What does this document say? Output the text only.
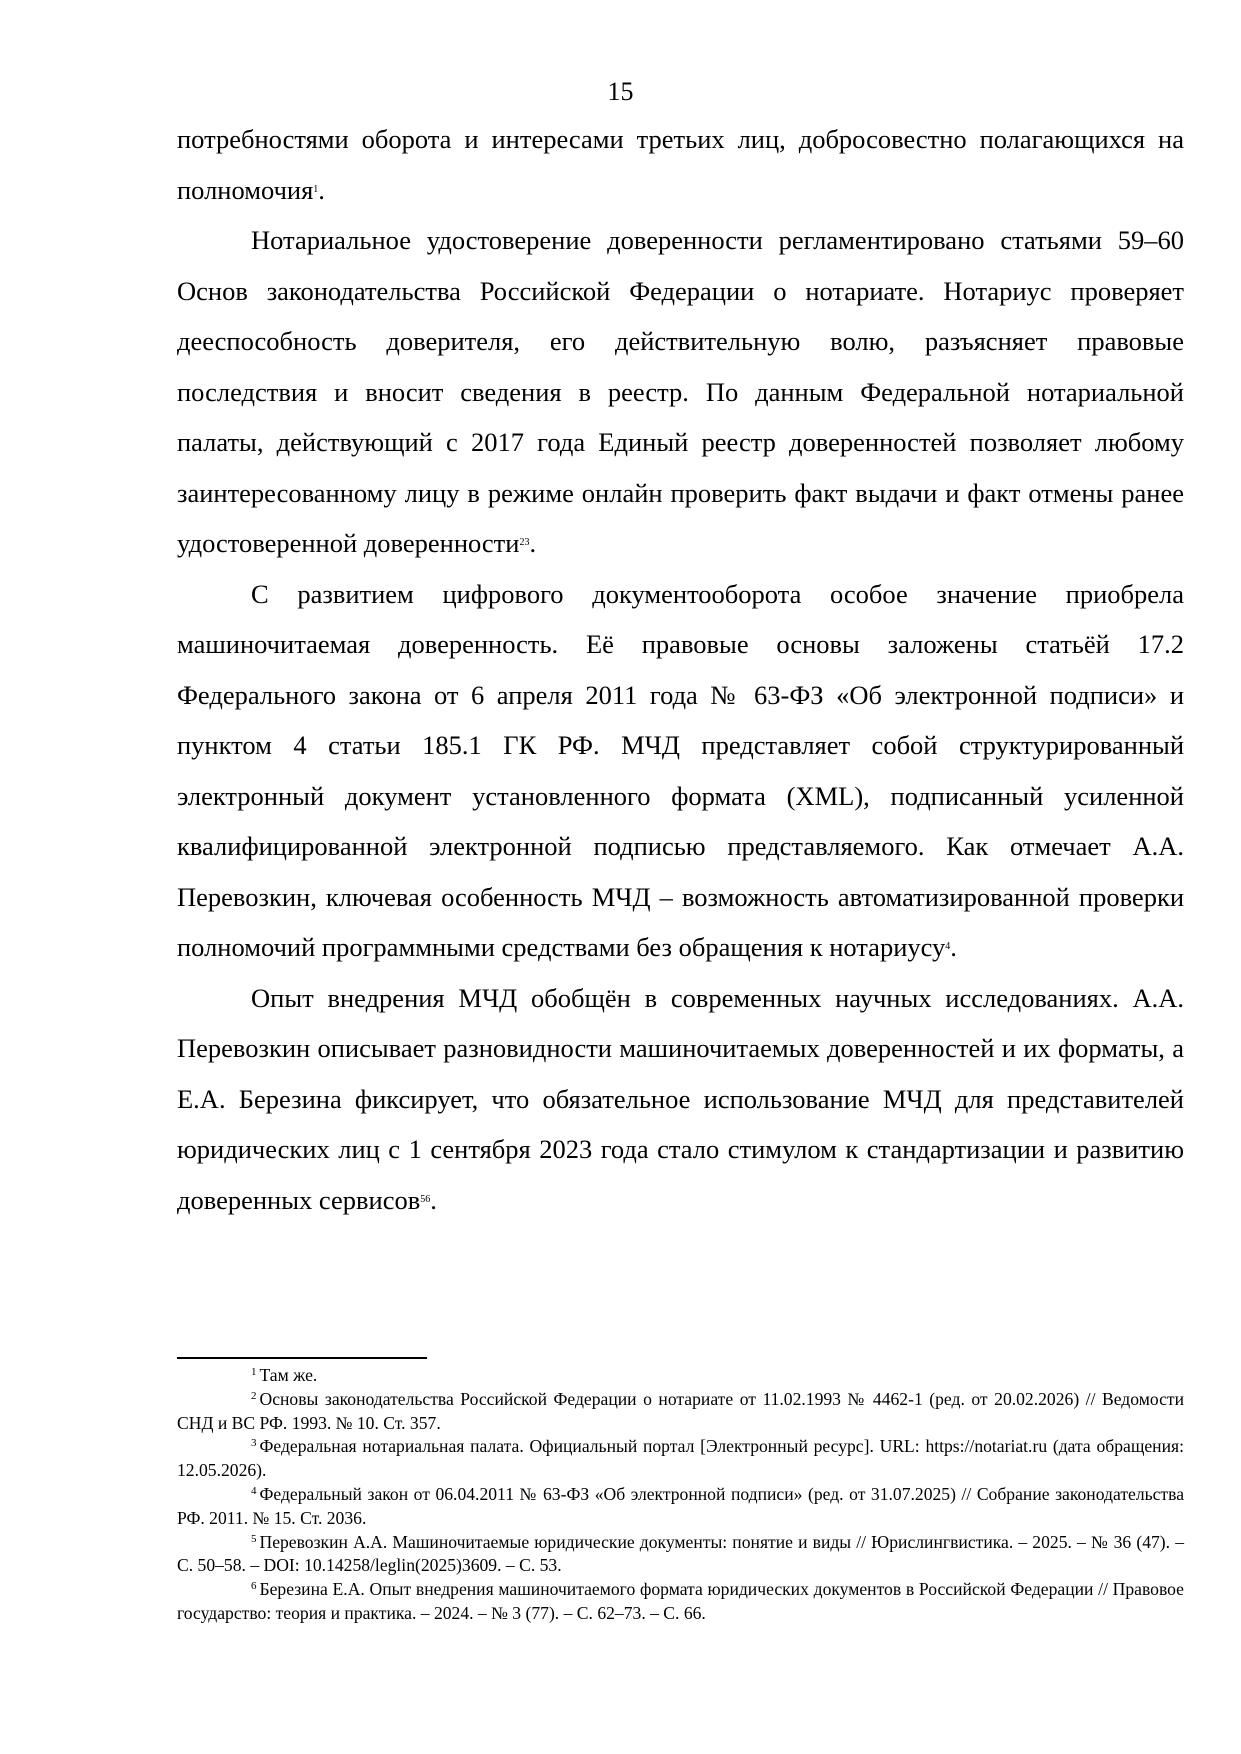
15

потребностями оборота и интересами третьих лиц, добросовестно полагающихся на полномочия$^1$.

Нотариальное удостоверение доверенности регламентировано статьями 59–60 Основ законодательства Российской Федерации о нотариате. Нотариус проверяет дееспособность доверителя, его действительную волю, разъясняет правовые последствия и вносит сведения в реестр. По данным Федеральной нотариальной палаты, действующий с 2017 года Единый реестр доверенностей позволяет любому заинтересованному лицу в режиме онлайн проверить факт выдачи и факт отмены ранее удостоверенной доверенности$^{23}$.

С развитием цифрового документооборота особое значение приобрела машиночитаемая доверенность. Её правовые основы заложены статьёй 17.2 Федерального закона от 6 апреля 2011 года № 63-ФЗ «Об электронной подписи» и пунктом 4 статьи 185.1 ГК РФ. МЧД представляет собой структурированный электронный документ установленного формата (XML), подписанный усиленной квалифицированной электронной подписью представляемого. Как отмечает А.А. Перевозкин, ключевая особенность МЧД – возможность автоматизированной проверки полномочий программными средствами без обращения к нотариусу$^4$.

Опыт внедрения МЧД обобщён в современных научных исследованиях. А.А. Перевозкин описывает разновидности машиночитаемых доверенностей и их форматы, а Е.А. Березина фиксирует, что обязательное использование МЧД для представителей юридических лиц с 1 сентября 2023 года стало стимулом к стандартизации и развитию доверенных сервисов$^{56}$.

$^1$ Там же.

$^2$ Основы законодательства Российской Федерации о нотариате от 11.02.1993 № 4462-1 (ред. от 20.02.2026) // Ведомости СНД и ВС РФ. 1993. № 10. Ст. 357.

$^3$ Федеральная нотариальная палата. Официальный портал [Электронный ресурс]. URL: https://notariat.ru (дата обращения: 12.05.2026).

$^4$ Федеральный закон от 06.04.2011 № 63-ФЗ «Об электронной подписи» (ред. от 31.07.2025) // Собрание законодательства РФ. 2011. № 15. Ст. 2036.

$^5$ Перевозкин А.А. Машиночитаемые юридические документы: понятие и виды // Юрислингвистика. – 2025. – № 36 (47). – С. 50–58. – DOI: 10.14258/leglin(2025)3609. – С. 53.

$^6$ Березина Е.А. Опыт внедрения машиночитаемого формата юридических документов в Российской Федерации // Правовое государство: теория и практика. – 2024. – № 3 (77). – С. 62–73. – С. 66.
